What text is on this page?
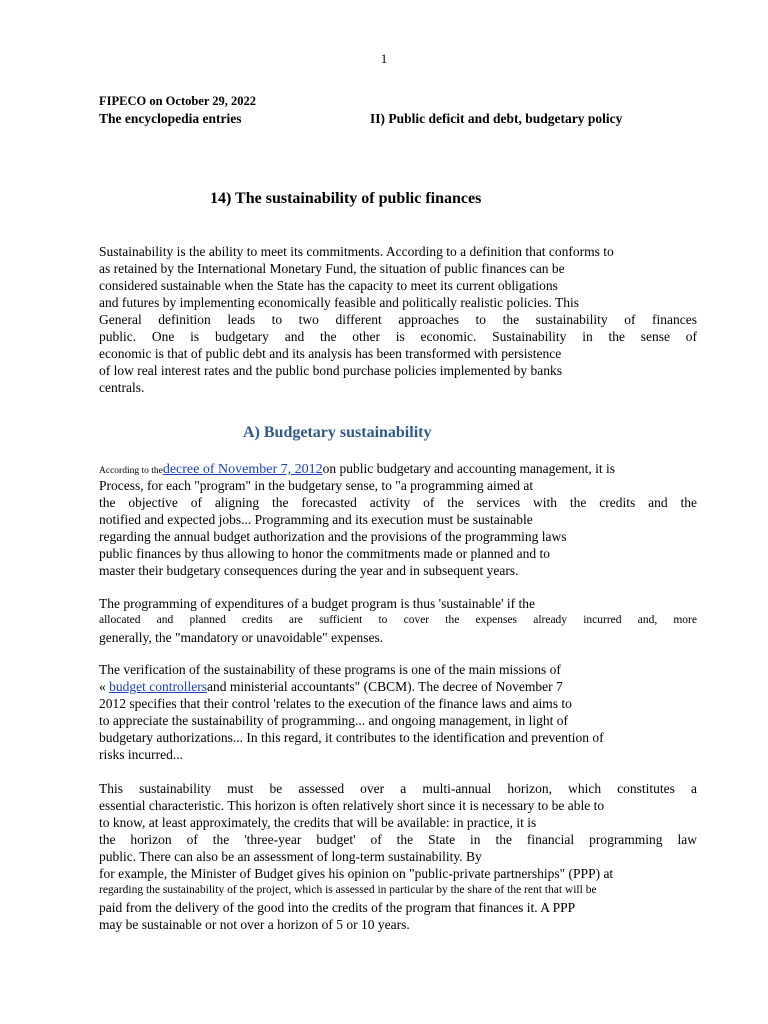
1
FIPECO on October 29, 2022
The encyclopedia entries	II) Public deficit and debt, budgetary policy
14) The sustainability of public finances
Sustainability is the ability to meet its commitments. According to a definition that conforms to
as retained by the International Monetary Fund, the situation of public finances can be
considered sustainable when the State has the capacity to meet its current obligations
and futures by implementing economically feasible and politically realistic policies. This
General definition leads to two different approaches to the sustainability of finances
public. One is budgetary and the other is economic. Sustainability in the sense of
economic is that of public debt and its analysis has been transformed with persistence
of low real interest rates and the public bond purchase policies implemented by banks
centrals.
A) Budgetary sustainability
According to thedecree of November 7, 2012on public budgetary and accounting management, it is
Process, for each "program" in the budgetary sense, to "a programming aimed at
the objective of aligning the forecasted activity of the services with the credits and the
notified and expected jobs... Programming and its execution must be sustainable
regarding the annual budget authorization and the provisions of the programming laws
public finances by thus allowing to honor the commitments made or planned and to
master their budgetary consequences during the year and in subsequent years.
The programming of expenditures of a budget program is thus 'sustainable' if the
allocated and planned credits are sufficient to cover the expenses already incurred and, more
generally, the "mandatory or unavoidable" expenses.
The verification of the sustainability of these programs is one of the main missions of
« budget controllersand ministerial accountants" (CBCM). The decree of November 7
2012 specifies that their control 'relates to the execution of the finance laws and aims to
to appreciate the sustainability of programming... and ongoing management, in light of
budgetary authorizations... In this regard, it contributes to the identification and prevention of
risks incurred...
This sustainability must be assessed over a multi-annual horizon, which constitutes a
essential characteristic. This horizon is often relatively short since it is necessary to be able to
to know, at least approximately, the credits that will be available: in practice, it is
the horizon of the 'three-year budget' of the State in the financial programming law
public. There can also be an assessment of long-term sustainability. By
for example, the Minister of Budget gives his opinion on "public-private partnerships" (PPP) at
regarding the sustainability of the project, which is assessed in particular by the share of the rent that will be
paid from the delivery of the good into the credits of the program that finances it. A PPP
may be sustainable or not over a horizon of 5 or 10 years.
